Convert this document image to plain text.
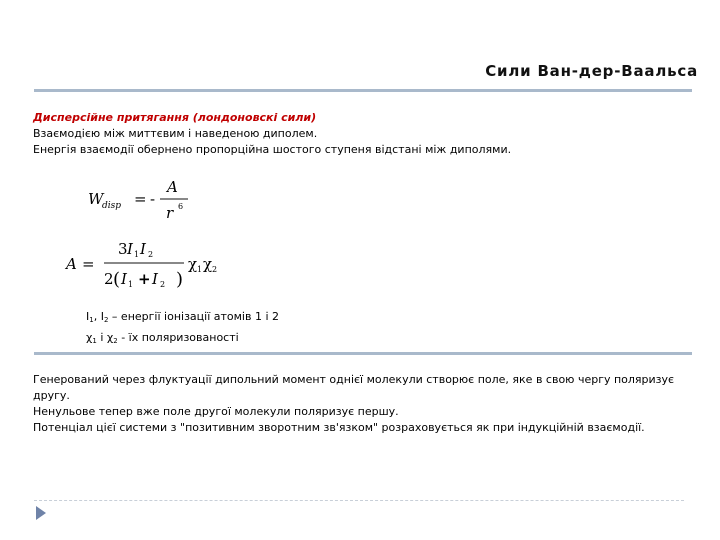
Сили Ван-дер-Ваальса
Дисперсійне притягання (лондоновскі сили)
Взаємодією між миттєвим і наведеною диполем.
Енергія взаємодії обернено пропорційна шостого ступеня відстані між диполями.
W
disp = -
A
r 6
A =
3 I 1 I 2
2 ( I 1 + I 2 )
χ 1 χ 2
$I_1$, $I_2$ – енергії іонізації атомів 1 і 2
$\chi_1$ і $\chi_2$ - їх поляризованості
Генерований через флуктуації дипольний момент однієї молекули створює поле, яке в свою чергу поляризує другу.
Ненульове тепер вже поле другої молекули поляризує першу.
Потенціал цієї системи з "позитивним зворотним зв'язком" розраховується як при індукційній взаємодії.
